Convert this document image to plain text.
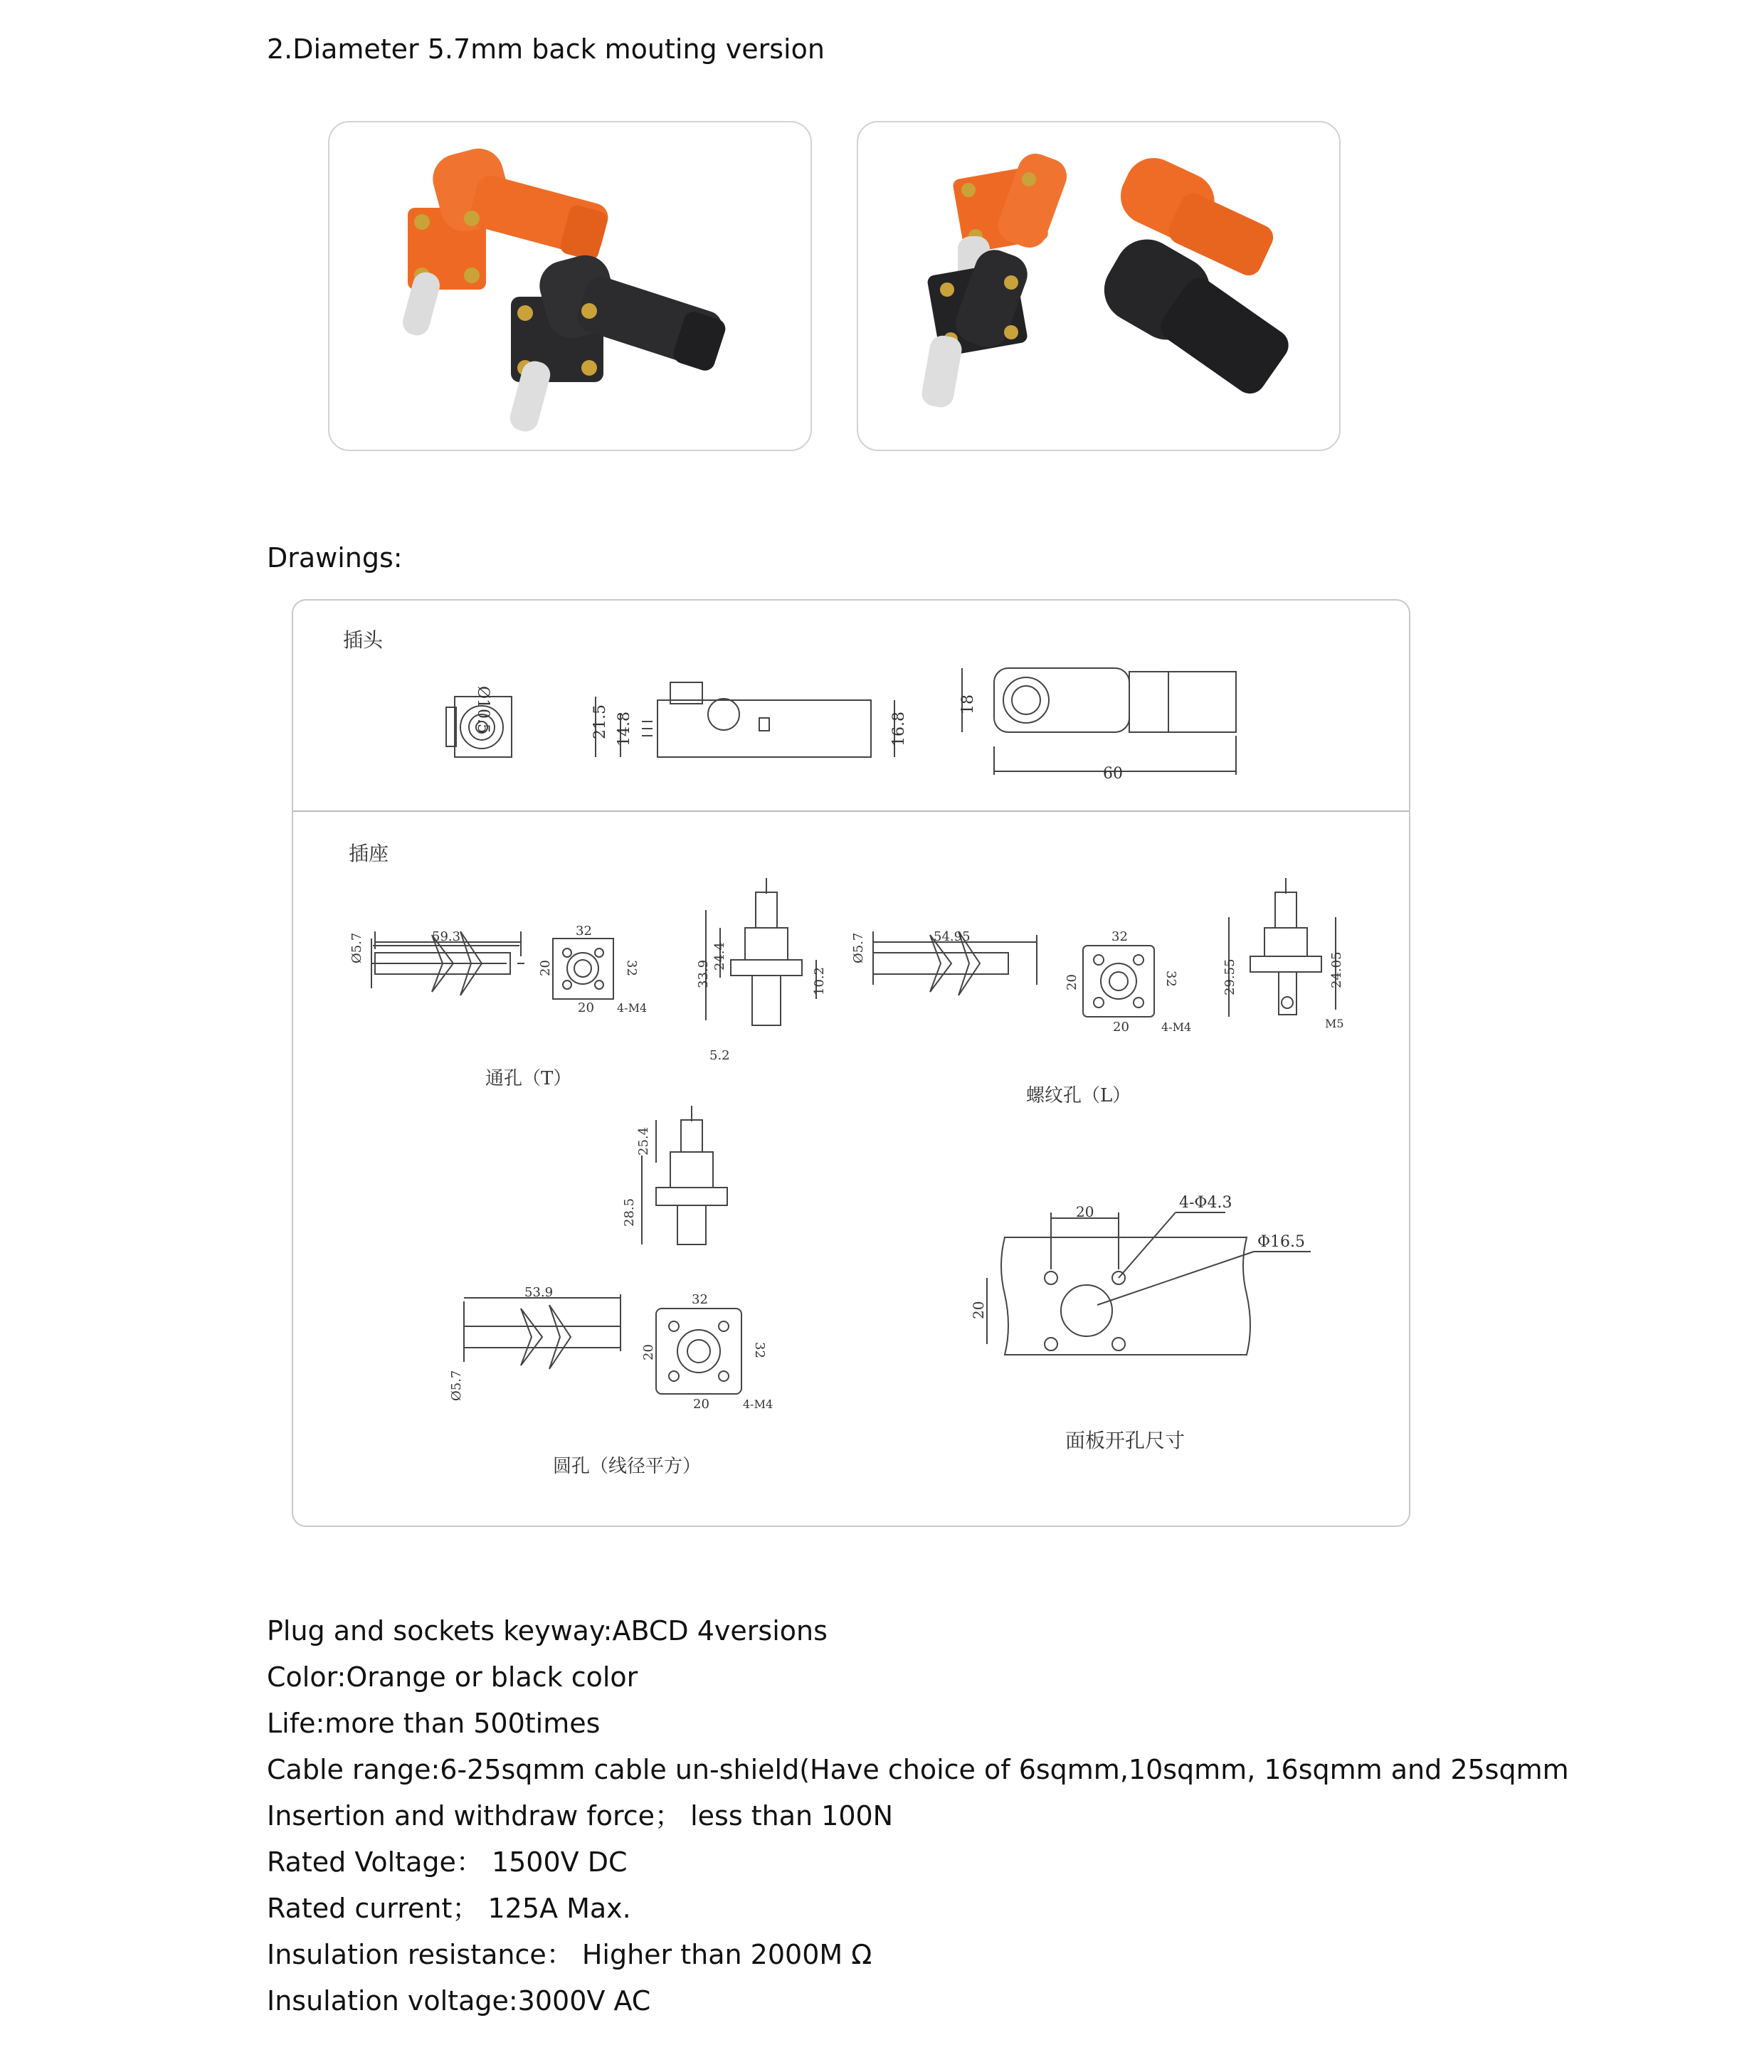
2.Diameter 5.7mm back mouting version
Drawings:
插头
Ø10.5	21.5 14.8	16.8
60
18
插座
Ø5.7	59.3	32
20	32
20 4-M4
通孔（T）
33.9
24.4
10.2
5.2
54.95
Ø5.7	32
20	32
20	4-M4
螺纹孔（L）
29.55	24.05
M5
25.4
28.5
53.9
Ø5.7
32
20	32
20	4-M4
圆孔（线径平方）
20
20
4-Φ4.3
Φ16.5
面板开孔尺寸
Plug and sockets keyway:ABCD 4versions
Color:Orange or black color
Life:more than 500times
Cable range:6-25sqmm cable un-shield(Have choice of 6sqmm,10sqmm, 16sqmm and 25sqmm
Insertion and withdraw force； less than 100N
Rated Voltage： 1500V DC
Rated current； 125A Max.
Insulation resistance： Higher than 2000M Ω
Insulation voltage:3000V AC
